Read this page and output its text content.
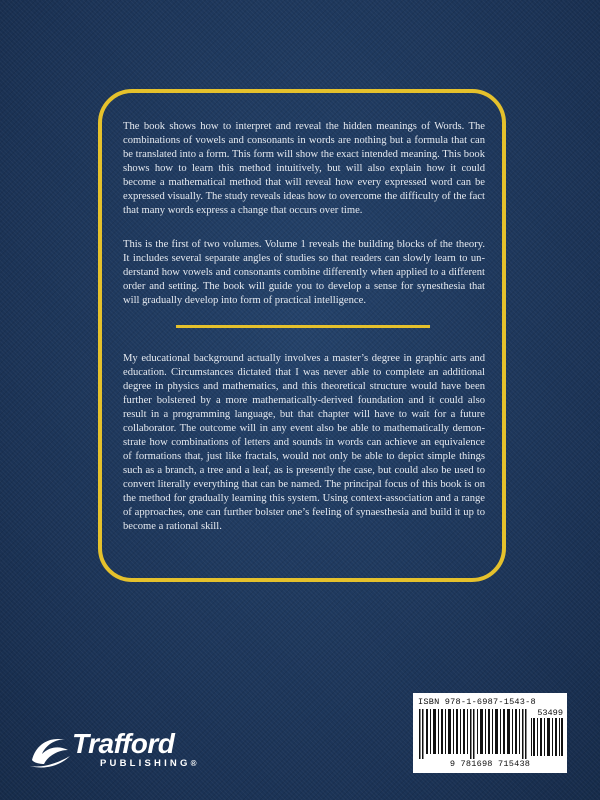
The book shows how to interpret and reveal the hidden meanings of Words. The combinations of vowels and consonants in words are nothing but a formula that can be translated into a form. This form will show the exact intended meaning. This book shows how to learn this method intuitively, but will also explain how it could become a mathematical method that will reveal how every expressed word can be expressed visually. The study reveals ideas how to overcome the difficulty of the fact that many words express a change that occurs over time.

This is the first of two volumes. Volume 1 reveals the building blocks of the theory. It includes several separate angles of studies so that readers can slowly learn to understand how vowels and consonants combine differently when applied to a different order and setting. The book will guide you to develop a sense for synesthesia that will gradually develop into form of practical intelligence.

My educational background actually involves a master’s degree in graphic arts and education. Circumstances dictated that I was never able to complete an additional degree in physics and mathematics, and this theoretical structure would have been further bolstered by a more mathematically-derived foundation and it could also result in a programming language, but that chapter will have to wait for a future collaborator. The outcome will in any event also be able to mathematically demonstrate how combinations of letters and sounds in words can achieve an equivalence of formations that, just like fractals, would not only be able to depict simple things such as a branch, a tree and a leaf, as is presently the case, but could also be used to convert literally everything that can be named. The principal focus of this book is on the method for gradually learning this system. Using context-association and a range of approaches, one can further bolster one’s feeling of synaesthesia and build it up to become a rational skill.

Trafford
PUBLISHING®
ISBN 978-1-6987-1543-8
53499
9 781698 715438
